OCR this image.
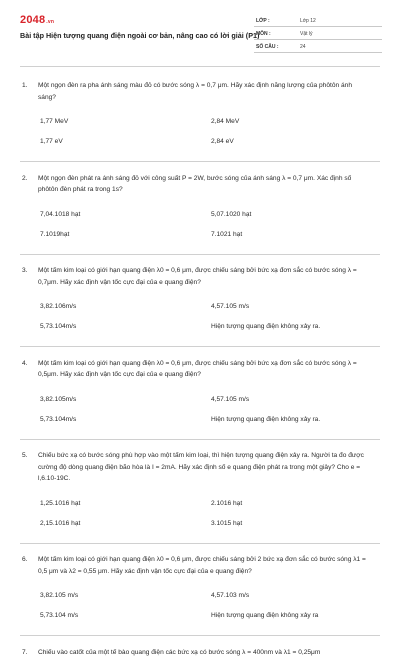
2048.vn
Bài tập Hiện tượng quang điện ngoài cơ bản, nâng cao có lời giải (P1)
LỚP :	Lớp 12
MÔN :	Vật lý
SỐ CÂU :	24
1. Một ngọn đèn ra pha ánh sáng màu đỏ có bước sóng λ = 0,7 μm. Hãy xác định năng lượng của phôtôn ánh sáng?
1,77 MeV	2,84 MeV
1,77 eV	2,84 eV
2. Một ngọn đèn phát ra ánh sáng đỏ với công suất P = 2W, bước sóng của ánh sáng λ = 0,7 μm. Xác định số phôtôn đèn phát ra trong 1s?
7,04.1018 hạt	5,07.1020 hạt
7.1019hạt	7.1021 hạt
3. Một tấm kim loại có giới hạn quang điện λ0 = 0,6 μm, được chiếu sáng bởi bức xạ đơn sắc có bước sóng λ = 0,7μm. Hãy xác định vận tốc cực đại của e quang điện?
3,82.106m/s	4,57.105 m/s
5,73.104m/s	Hiện tượng quang điện không xảy ra.
4. Một tấm kim loại có giới hạn quang điện λ0 = 0,6 μm, được chiếu sáng bởi bức xạ đơn sắc có bước sóng λ = 0,5μm. Hãy xác định vận tốc cực đại của e quang điện?
3,82.105m/s	4,57.105 m/s
5,73.104m/s	Hiện tượng quang điện không xảy ra.
5. Chiếu bức xạ có bước sóng phù hợp vào một tấm kim loại, thì hiện tượng quang điện xảy ra. Người ta đo được cường độ dòng quang điện bão hòa là I = 2mA. Hãy xác định số e quang điện phát ra trong một giây? Cho e = l,6.10-19C.
1,25.1016 hạt	2.1016 hạt
2,15.1016 hạt	3.1015 hạt
6. Một tấm kim loại có giới hạn quang điện λ0 = 0,6 μm, được chiếu sáng bởi 2 bức xạ đơn sắc có bước sóng λ1 = 0,5 μm và λ2 = 0,55 μm. Hãy xác định vận tốc cực đại của e quang điện?
3,82.105 m/s	4,57.103 m/s
5,73.104 m/s	Hiện tượng quang điện không xảy ra
7. Chiếu vào catốt của một tế bào quang điện các bức xạ có bước sóng λ = 400nm và λ1 = 0,25μm
